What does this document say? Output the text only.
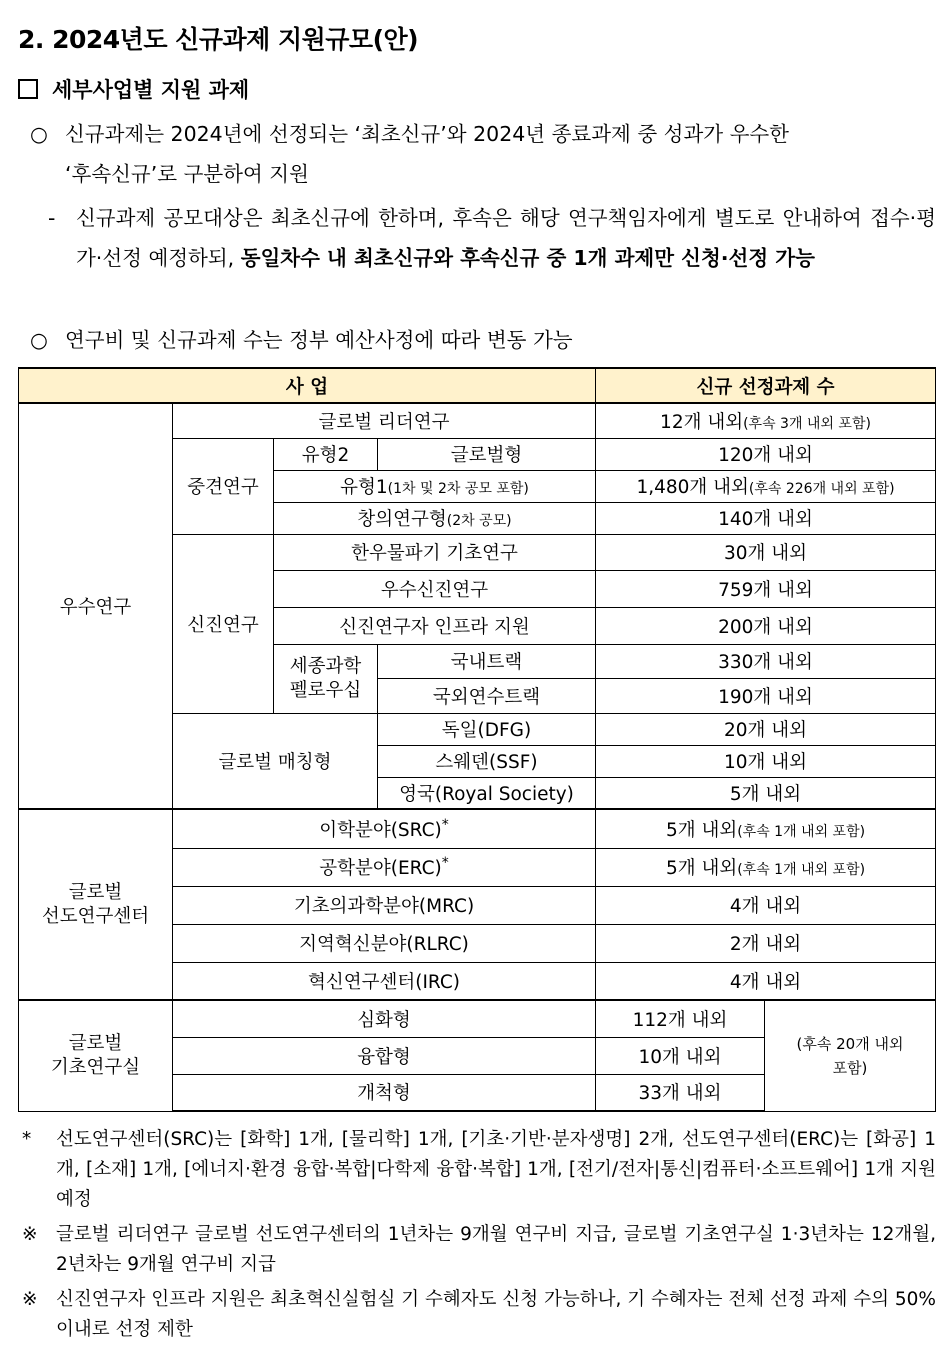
2. 2024년도 신규과제 지원규모(안)
세부사업별 지원 과제
○ 신규과제는 2024년에 선정되는 ‘최초신규’와 2024년 종료과제 중 성과가 우수한
‘후속신규’로 구분하여 지원
-	신규과제 공모대상은 최초신규에 한하며, 후속은 해당 연구책임자에게 별도로 안내하여 접수·평가·선정 예정하되, 동일차수 내 최초신규와 후속신규 중 1개 과제만 신청·선정 가능
○ 연구비 및 신규과제 수는 정부 예산사정에 따라 변동 가능
사 업				신규 선정과제 수	
우수연구	글로벌 리더연구			12개 내외(후속 3개 내외 포함)	
	중견연구	유형2	글로벌형	120개 내외	
		유형1(1차 및 2차 공모 포함)		1,480개 내외(후속 226개 내외 포함)	
		창의연구형(2차 공모)		140개 내외	
	신진연구	한우물파기 기초연구		30개 내외	
		우수신진연구		759개 내외	
		신진연구자 인프라 지원		200개 내외	
		세종과학
펠로우십	국내트랙	330개 내외	
			국외연수트랙	190개 내외	
	글로벌 매칭형		독일(DFG)	20개 내외	
			스웨덴(SSF)	10개 내외	
			영국(Royal Society)	5개 내외	
글로벌
선도연구센터	이학분야(SRC)*			5개 내외(후속 1개 내외 포함)	
	공학분야(ERC)*			5개 내외(후속 1개 내외 포함)	
	기초의과학분야(MRC)			4개 내외	
	지역혁신분야(RLRC)			2개 내외	
	혁신연구센터(IRC)			4개 내외	
글로벌
기초연구실	심화형			112개 내외	(후속 20개 내외
포함)
	융합형			10개 내외	
	개척형			33개 내외	
* 선도연구센터(SRC)는 [화학] 1개, [물리학] 1개, [기초·기반·분자생명] 2개, 선도연구센터(ERC)는 [화공] 1개, [소재] 1개, [에너지·환경 융합·복합|다학제 융합·복합] 1개, [전기/전자|통신|컴퓨터·소프트웨어] 1개 지원 예정
※ 글로벌 리더연구 글로벌 선도연구센터의 1년차는 9개월 연구비 지급, 글로벌 기초연구실 1·3년차는 12개월, 2년차는 9개월 연구비 지급
※ 신진연구자 인프라 지원은 최초혁신실험실 기 수혜자도 신청 가능하나, 기 수혜자는 전체 선정 과제 수의 50% 이내로 선정 제한
